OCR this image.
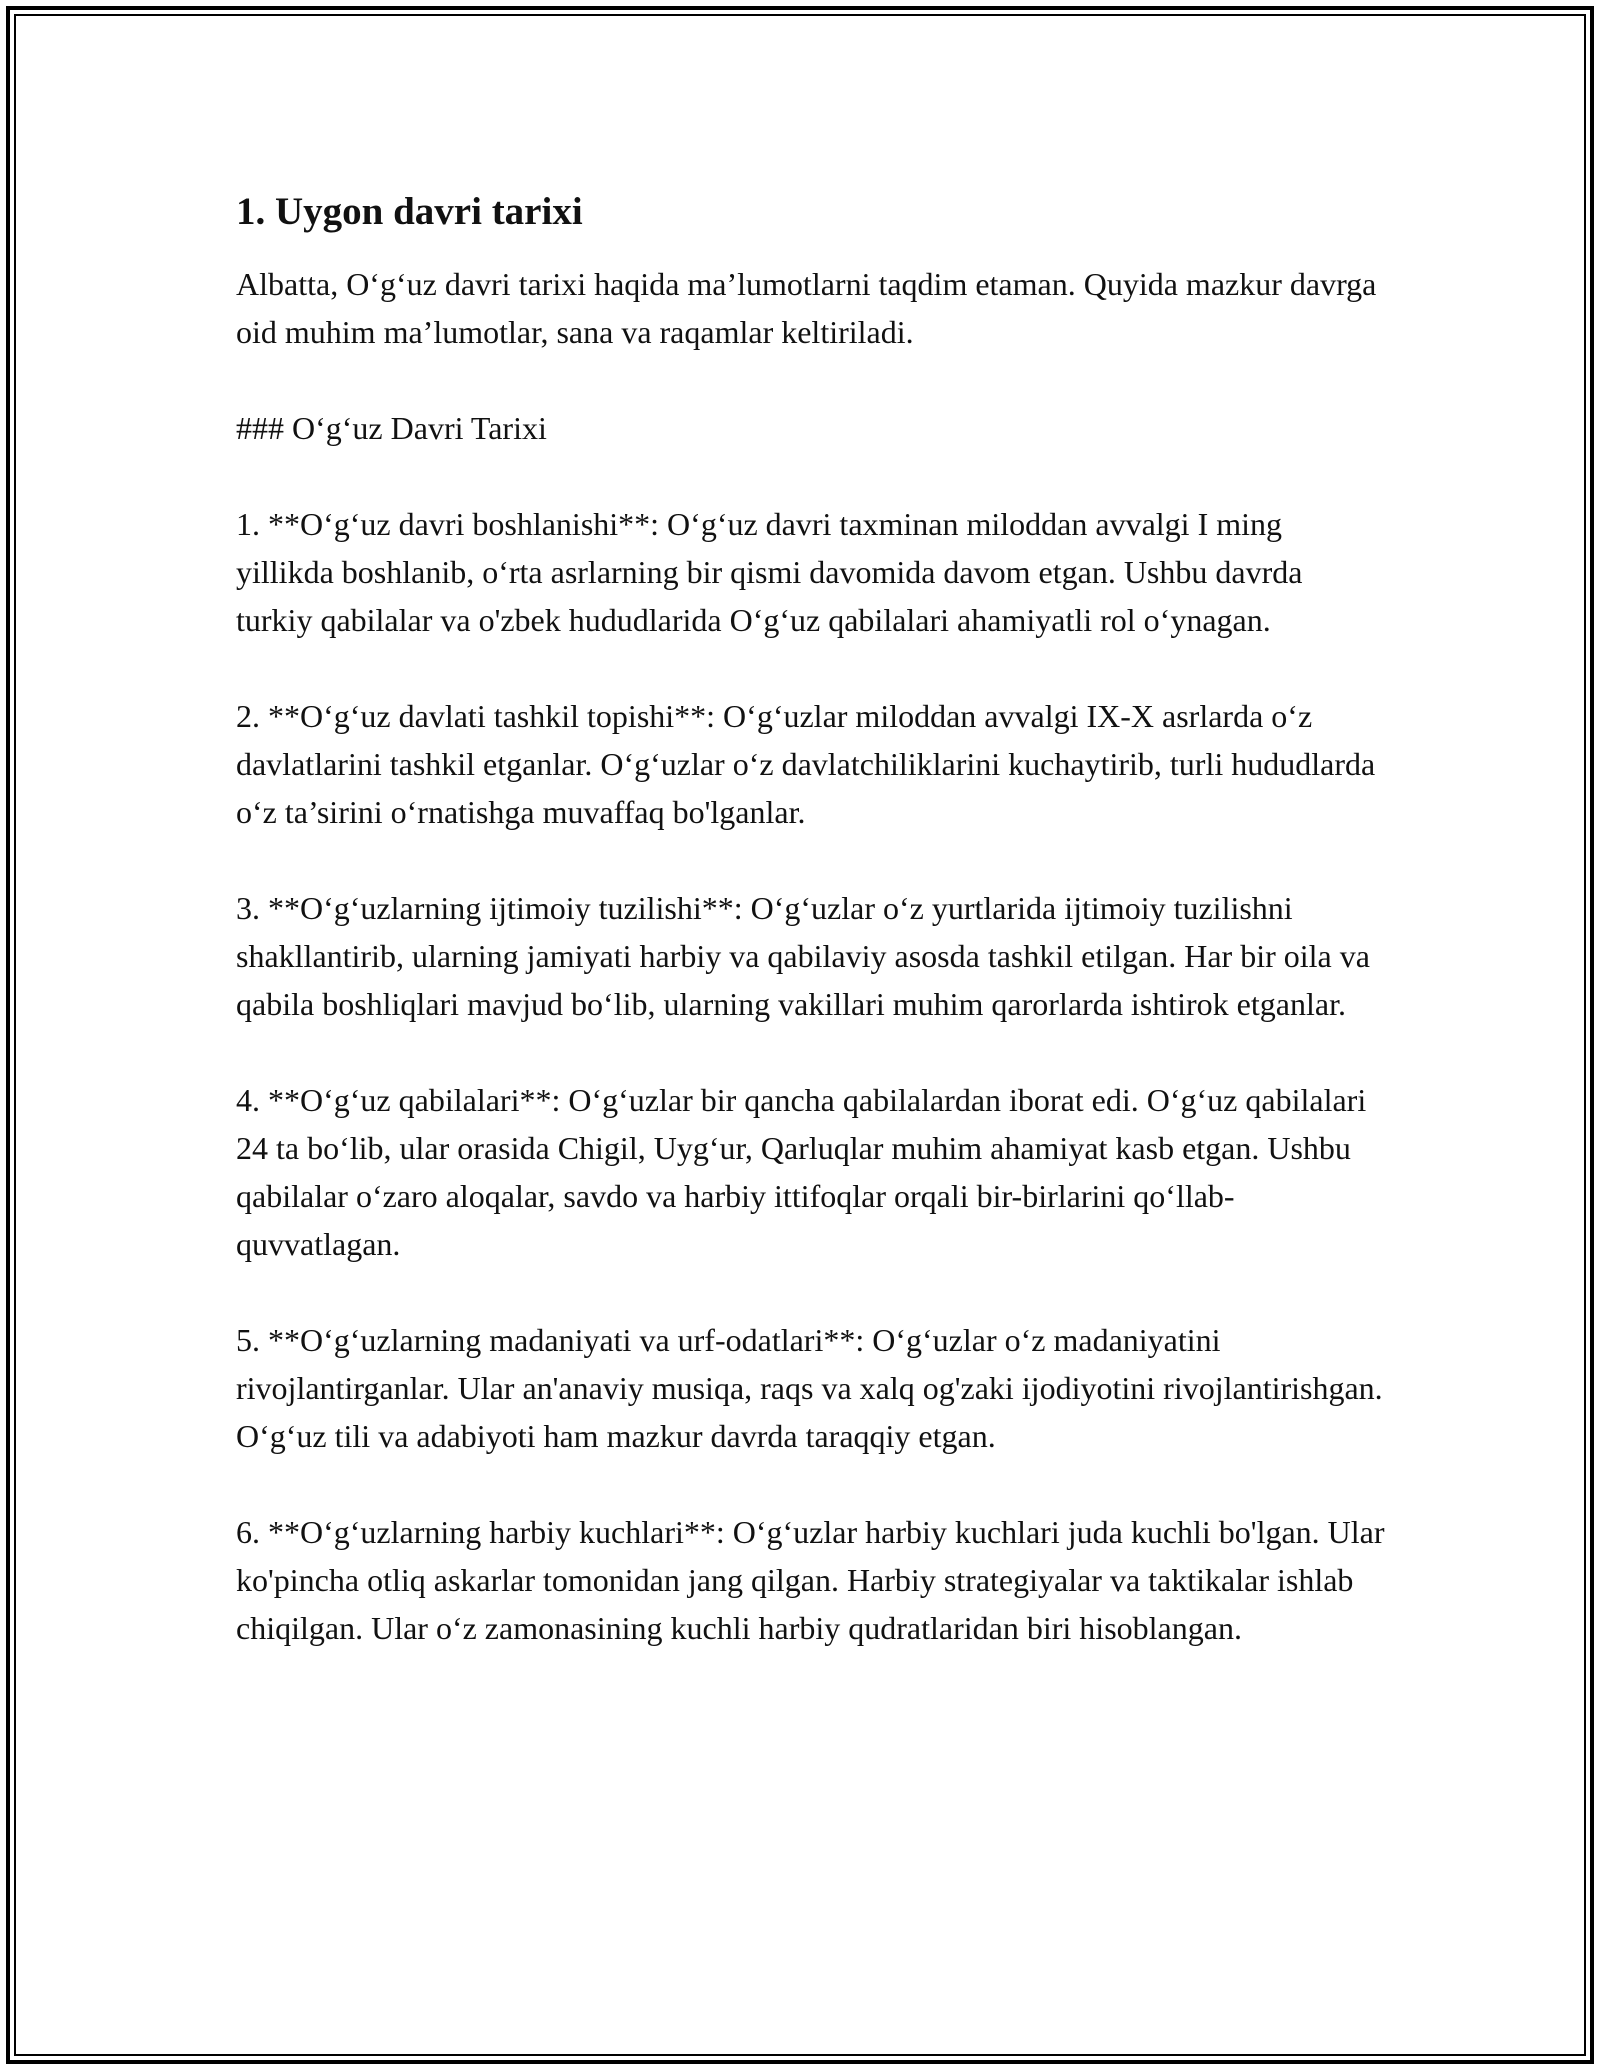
1. Uygon davri tarixi
Albatta, O‘g‘uz davri tarixi haqida ma’lumotlarni taqdim etaman. Quyida mazkur davrga oid muhim ma’lumotlar, sana va raqamlar keltiriladi.
### O‘g‘uz Davri Tarixi
1. **O‘g‘uz davri boshlanishi**: O‘g‘uz davri taxminan miloddan avvalgi I ming yillikda boshlanib, o‘rta asrlarning bir qismi davomida davom etgan. Ushbu davrda turkiy qabilalar va o'zbek hududlarida O‘g‘uz qabilalari ahamiyatli rol o‘ynagan.
2. **O‘g‘uz davlati tashkil topishi**: O‘g‘uzlar miloddan avvalgi IX-X asrlarda o‘z davlatlarini tashkil etganlar. O‘g‘uzlar o‘z davlatchiliklarini kuchaytirib, turli hududlarda o‘z ta’sirini o‘rnatishga muvaffaq bo'lganlar.
3. **O‘g‘uzlarning ijtimoiy tuzilishi**: O‘g‘uzlar o‘z yurtlarida ijtimoiy tuzilishni shakllantirib, ularning jamiyati harbiy va qabilaviy asosda tashkil etilgan. Har bir oila va qabila boshliqlari mavjud bo‘lib, ularning vakillari muhim qarorlarda ishtirok etganlar.
4. **O‘g‘uz qabilalari**: O‘g‘uzlar bir qancha qabilalardan iborat edi. O‘g‘uz qabilalari 24 ta bo‘lib, ular orasida Chigil, Uyg‘ur, Qarluqlar muhim ahamiyat kasb etgan. Ushbu qabilalar o‘zaro aloqalar, savdo va harbiy ittifoqlar orqali bir-birlarini qo‘llab-quvvatlagan.
5. **O‘g‘uzlarning madaniyati va urf-odatlari**: O‘g‘uzlar o‘z madaniyatini rivojlantirganlar. Ular an'anaviy musiqa, raqs va xalq og'zaki ijodiyotini rivojlantirishgan. O‘g‘uz tili va adabiyoti ham mazkur davrda taraqqiy etgan.
6. **O‘g‘uzlarning harbiy kuchlari**: O‘g‘uzlar harbiy kuchlari juda kuchli bo'lgan. Ular ko'pincha otliq askarlar tomonidan jang qilgan. Harbiy strategiyalar va taktikalar ishlab chiqilgan. Ular o‘z zamonasining kuchli harbiy qudratlaridan biri hisoblangan.
